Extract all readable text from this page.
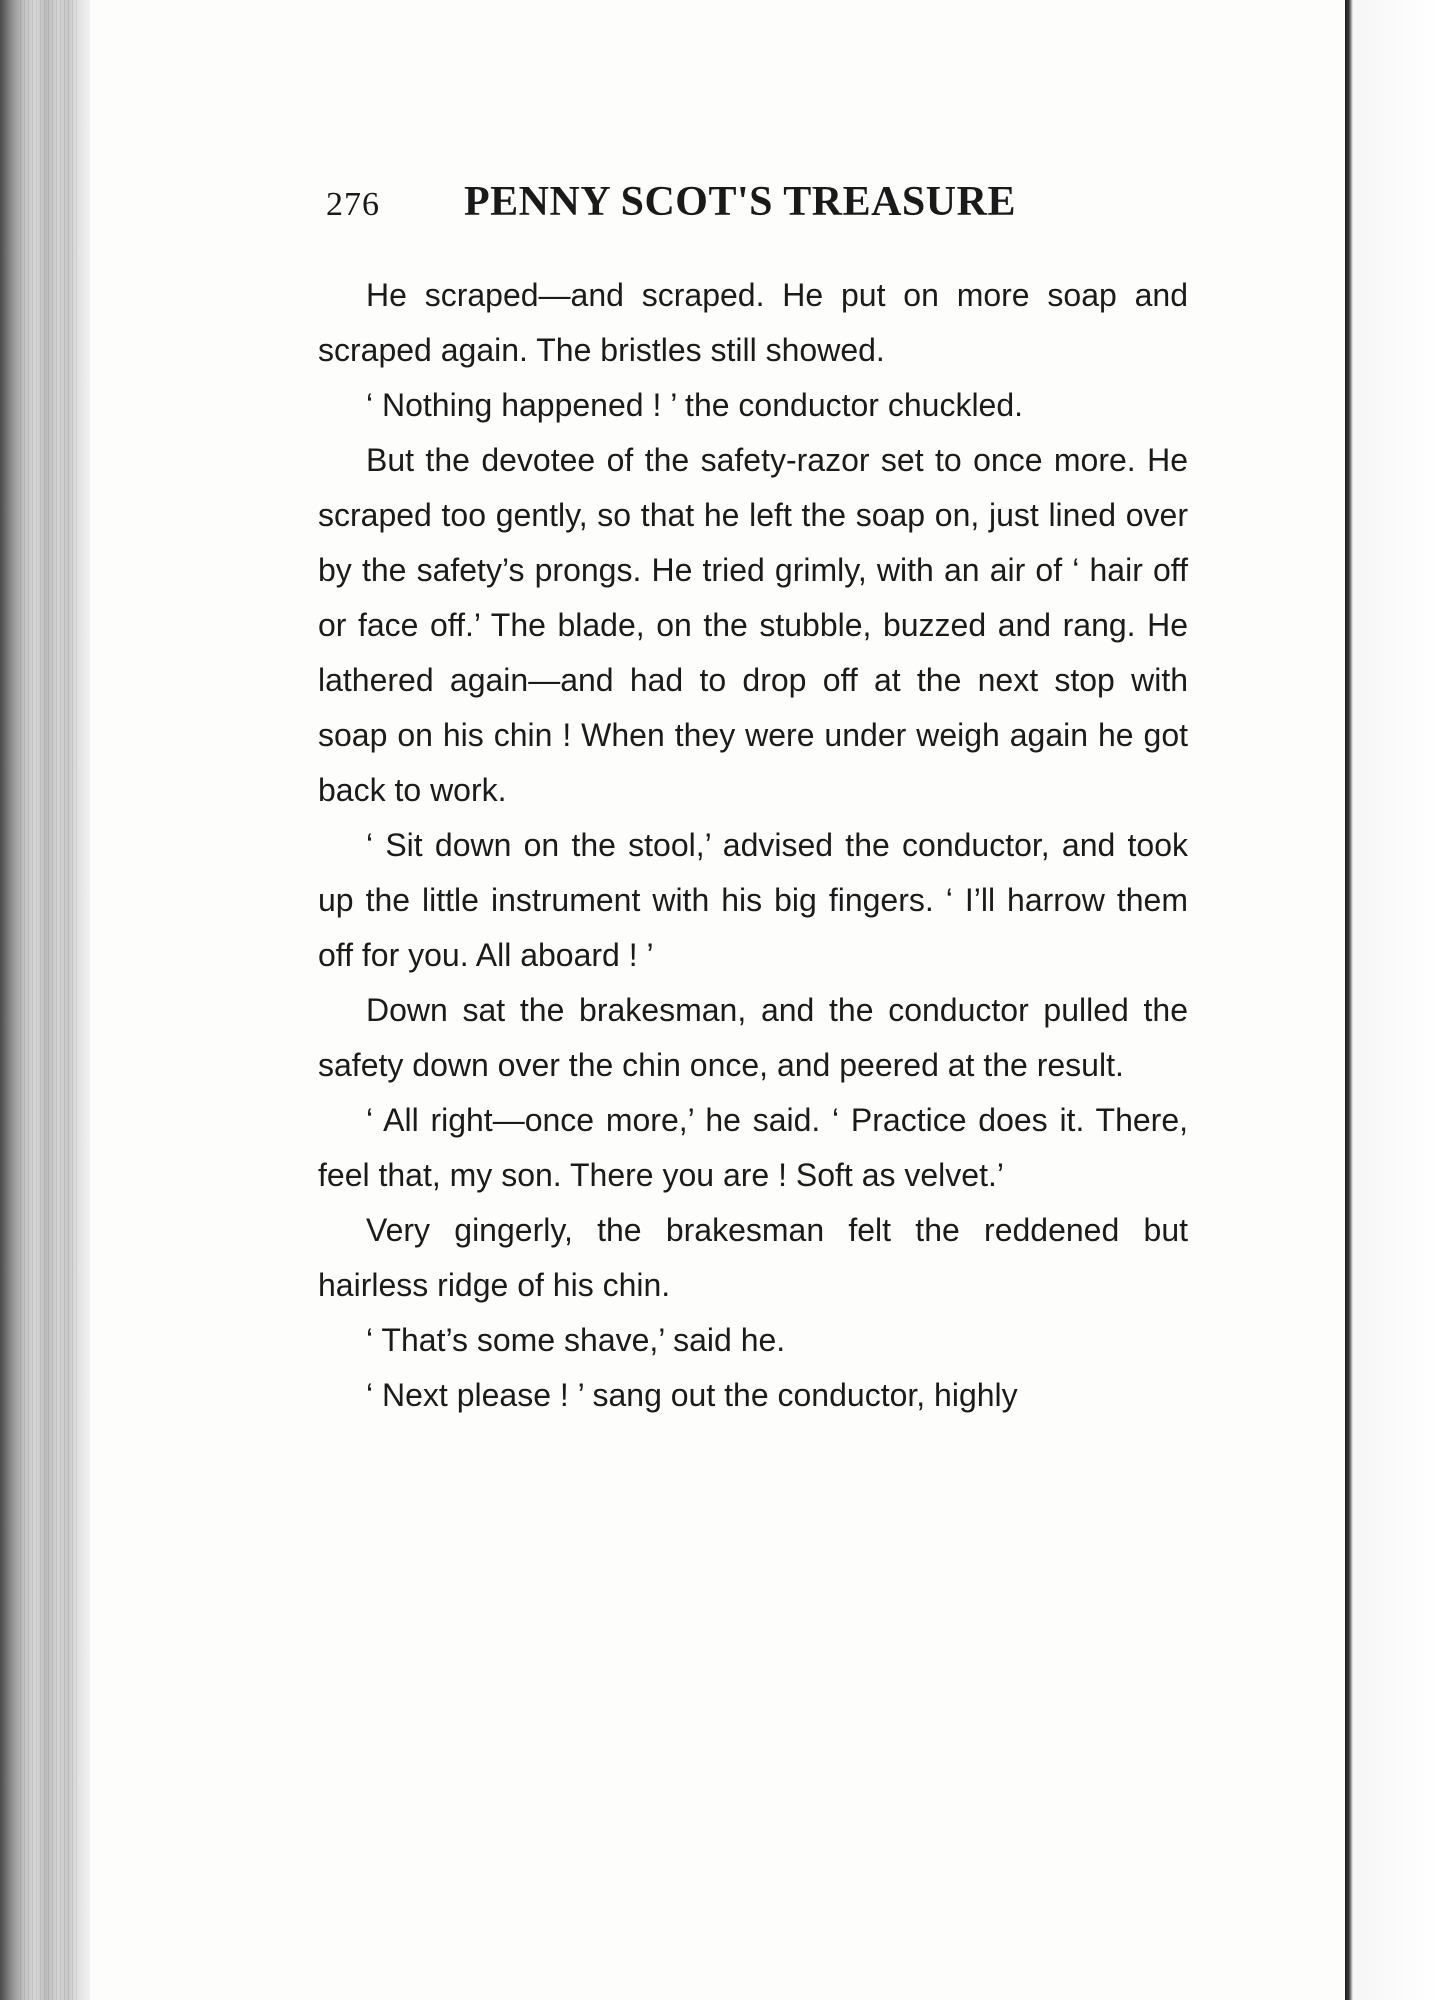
276 PENNY SCOT'S TREASURE

He scraped—and scraped. He put on more soap and scraped again. The bristles still showed.

‘ Nothing happened ! ’ the conductor chuckled.

But the devotee of the safety-razor set to once more. He scraped too gently, so that he left the soap on, just lined over by the safety’s prongs. He tried grimly, with an air of ‘ hair off or face off.’ The blade, on the stubble, buzzed and rang. He lathered again—and had to drop off at the next stop with soap on his chin ! When they were under weigh again he got back to work.

‘ Sit down on the stool,’ advised the conductor, and took up the little instrument with his big fingers. ‘ I’ll harrow them off for you. All aboard ! ’

Down sat the brakesman, and the conductor pulled the safety down over the chin once, and peered at the result.

‘ All right—once more,’ he said. ‘ Practice does it. There, feel that, my son. There you are ! Soft as velvet.’

Very gingerly, the brakesman felt the reddened but hairless ridge of his chin.

‘ That’s some shave,’ said he.

‘ Next please ! ’ sang out the conductor, highly
